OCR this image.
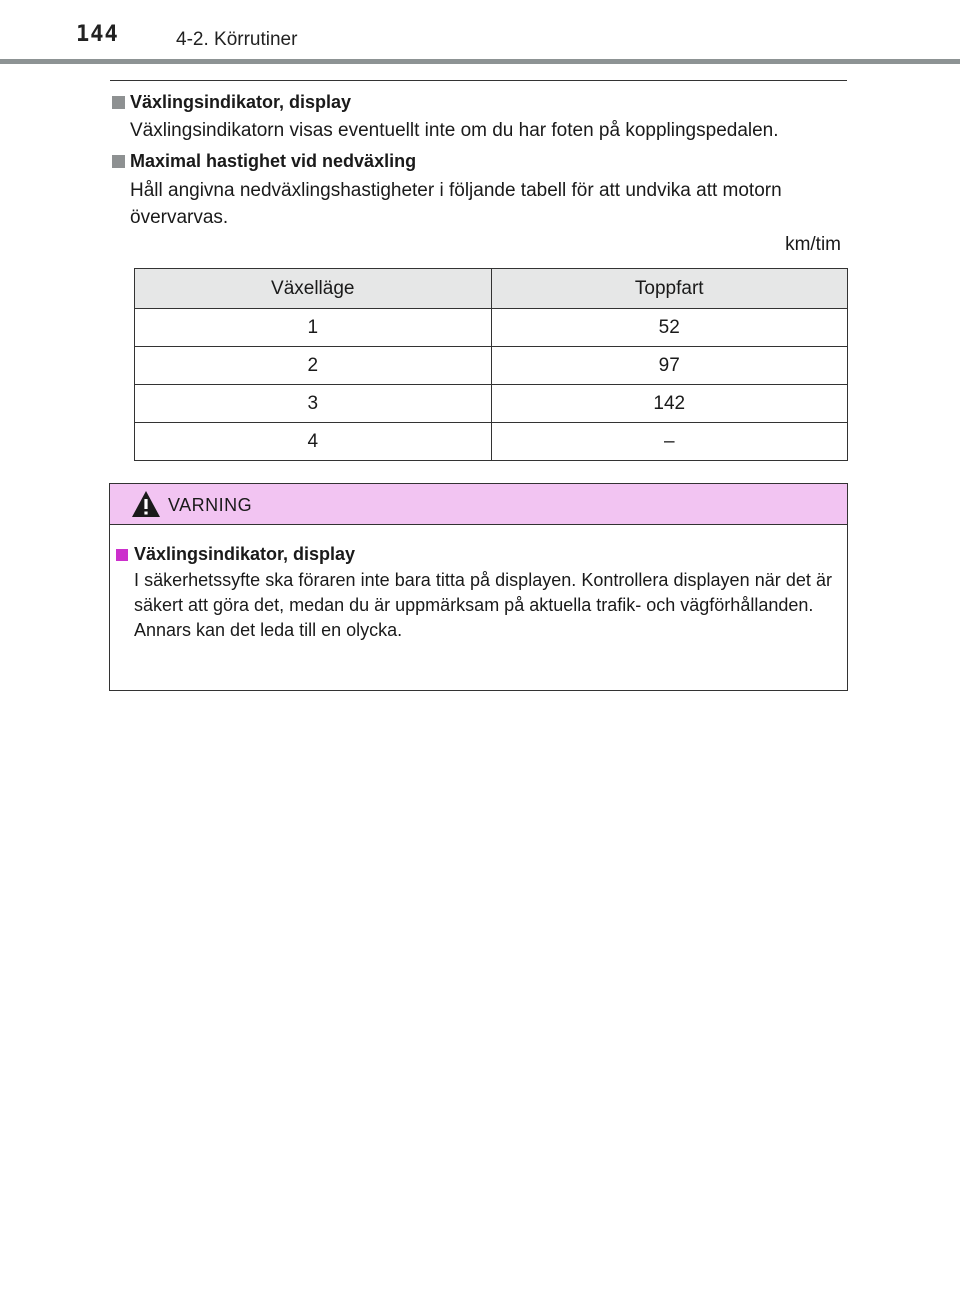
144	4-2. Körrutiner
Växlingsindikator, display
Växlingsindikatorn visas eventuellt inte om du har foten på kopplingspedalen.
Maximal hastighet vid nedväxling
Håll angivna nedväxlingshastigheter i följande tabell för att undvika att motorn övervarvas.
km/tim
Växelläge	Toppfart
1	52
2	97
3	142
4	–
VARNING
Växlingsindikator, display

I säkerhetssyfte ska föraren inte bara titta på displayen. Kontrollera displayen när det är säkert att göra det, medan du är uppmärksam på aktuella trafik- och vägförhållanden.

Annars kan det leda till en olycka.
